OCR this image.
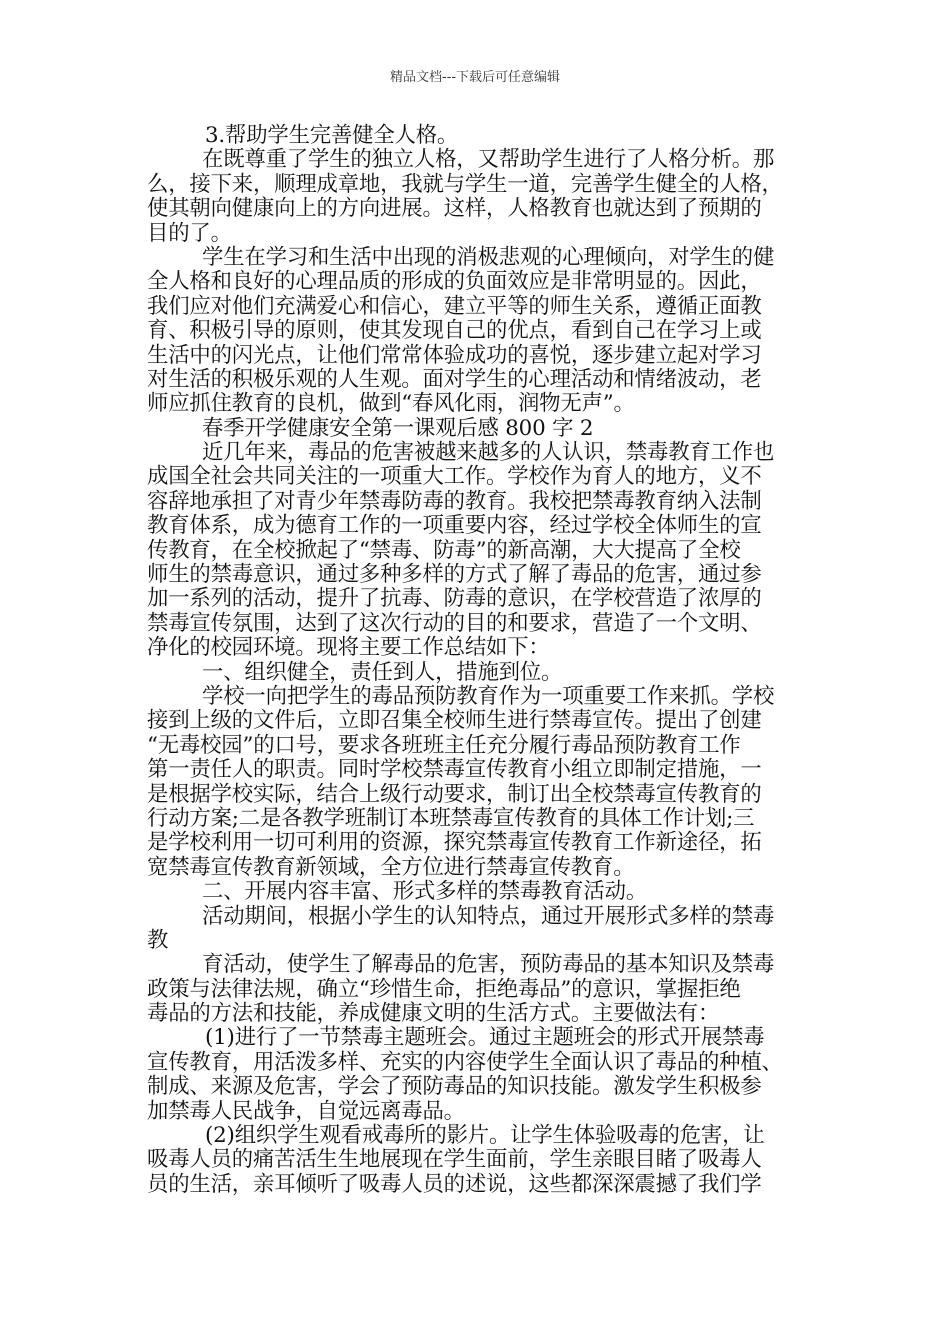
精品文档---下载后可任意编辑
3.帮助学生完善健全人格。
在既尊重了学生的独立人格，又帮助学生进行了人格分析。那
么，接下来，顺理成章地，我就与学生一道，完善学生健全的人格，
使其朝向健康向上的方向进展。这样，人格教育也就达到了预期的
目的了。
学生在学习和生活中出现的消极悲观的心理倾向，对学生的健
全人格和良好的心理品质的形成的负面效应是非常明显的。因此，
我们应对他们充满爱心和信心，建立平等的师生关系，遵循正面教
育、积极引导的原则，使其发现自己的优点，看到自己在学习上或
生活中的闪光点，让他们常常体验成功的喜悦，逐步建立起对学习
对生活的积极乐观的人生观。面对学生的心理活动和情绪波动，老
师应抓住教育的良机，做到“春风化雨，润物无声”。
春季开学健康安全第一课观后感 800 字 2
近几年来，毒品的危害被越来越多的人认识，禁毒教育工作也
成国全社会共同关注的一项重大工作。学校作为育人的地方，义不
容辞地承担了对青少年禁毒防毒的教育。我校把禁毒教育纳入法制
教育体系，成为德育工作的一项重要内容，经过学校全体师生的宣
传教育，在全校掀起了“禁毒、防毒”的新高潮，大大提高了全校
师生的禁毒意识，通过多种多样的方式了解了毒品的危害，通过参
加一系列的活动，提升了抗毒、防毒的意识，在学校营造了浓厚的
禁毒宣传氛围，达到了这次行动的目的和要求，营造了一个文明、
净化的校园环境。现将主要工作总结如下：
一、组织健全，责任到人，措施到位。
学校一向把学生的毒品预防教育作为一项重要工作来抓。学校
接到上级的文件后，立即召集全校师生进行禁毒宣传。提出了创建
“无毒校园”的口号，要求各班班主任充分履行毒品预防教育工作
第一责任人的职责。同时学校禁毒宣传教育小组立即制定措施，一
是根据学校实际，结合上级行动要求，制订出全校禁毒宣传教育的
行动方案;二是各教学班制订本班禁毒宣传教育的具体工作计划;三
是学校利用一切可利用的资源，探究禁毒宣传教育工作新途径，拓
宽禁毒宣传教育新领域，全方位进行禁毒宣传教育。
二、开展内容丰富、形式多样的禁毒教育活动。
活动期间，根据小学生的认知特点，通过开展形式多样的禁毒
教
育活动，使学生了解毒品的危害，预防毒品的基本知识及禁毒
政策与法律法规，确立“珍惜生命，拒绝毒品”的意识，掌握拒绝
毒品的方法和技能，养成健康文明的生活方式。主要做法有：
(1)进行了一节禁毒主题班会。通过主题班会的形式开展禁毒
宣传教育，用活泼多样、充实的内容使学生全面认识了毒品的种植、
制成、来源及危害，学会了预防毒品的知识技能。激发学生积极参
加禁毒人民战争，自觉远离毒品。
(2)组织学生观看戒毒所的影片。让学生体验吸毒的危害，让
吸毒人员的痛苦活生生地展现在学生面前，学生亲眼目睹了吸毒人
员的生活，亲耳倾听了吸毒人员的述说，这些都深深震撼了我们学
